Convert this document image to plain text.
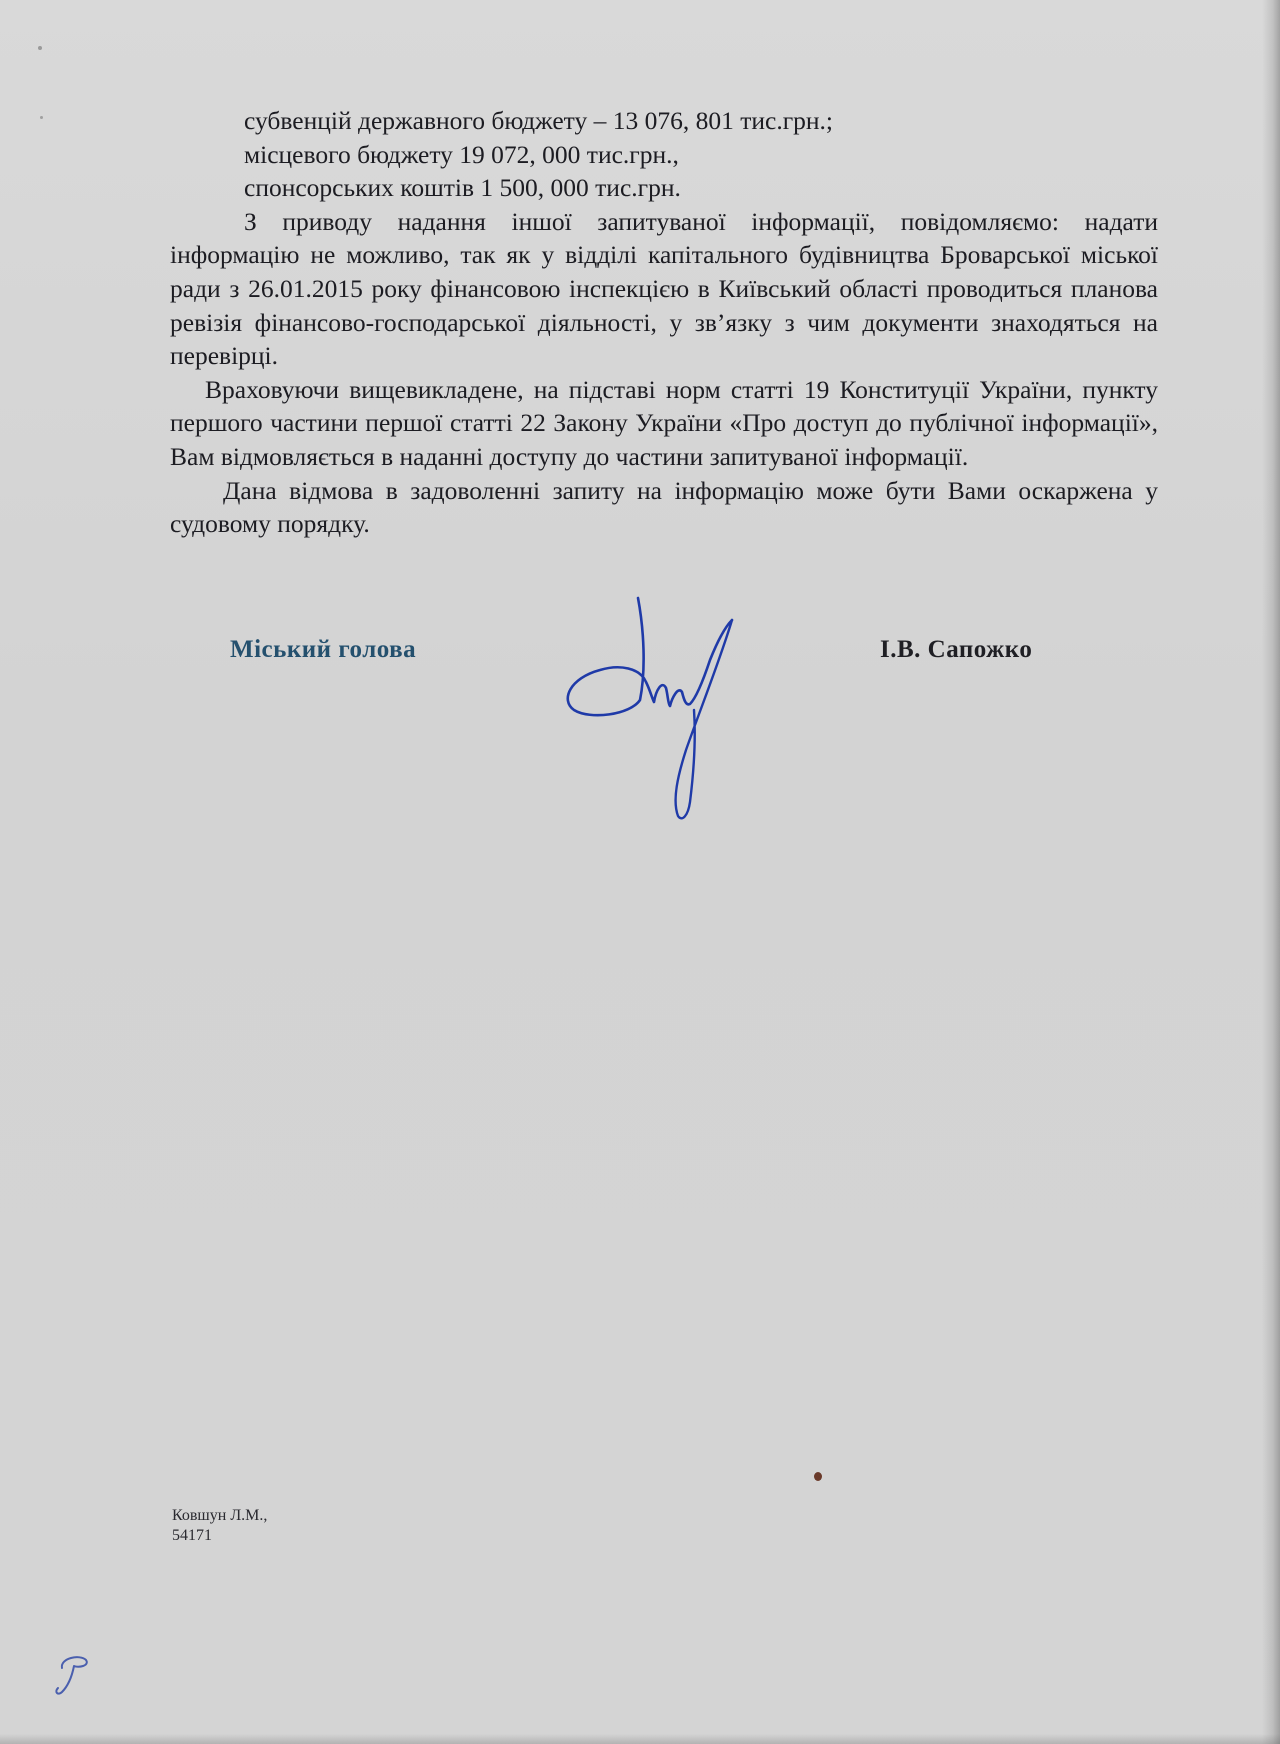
субвенцій державного бюджету – 13 076, 801 тис.грн.;
місцевого бюджету 19 072, 000 тис.грн.,
спонсорських коштів 1 500, 000 тис.грн.

З приводу надання іншої запитуваної інформації, повідомляємо: надати інформацію не можливо, так як у відділі капітального будівництва Броварської міської ради з 26.01.2015 року фінансовою інспекцією в Київський області проводиться планова ревізія фінансово-господарської діяльності, у зв’язку з чим документи знаходяться на перевірці.

Враховуючи вищевикладене, на підставі норм статті 19 Конституції України, пункту першого частини першої статті 22 Закону України «Про доступ до публічної інформації», Вам відмовляється в наданні доступу до частини запитуваної інформації.

Дана відмова в задоволенні запиту на інформацію може бути Вами оскаржена у судовому порядку.

Міський голова	І.В. Сапожко
Ковшун Л.М.,
54171
